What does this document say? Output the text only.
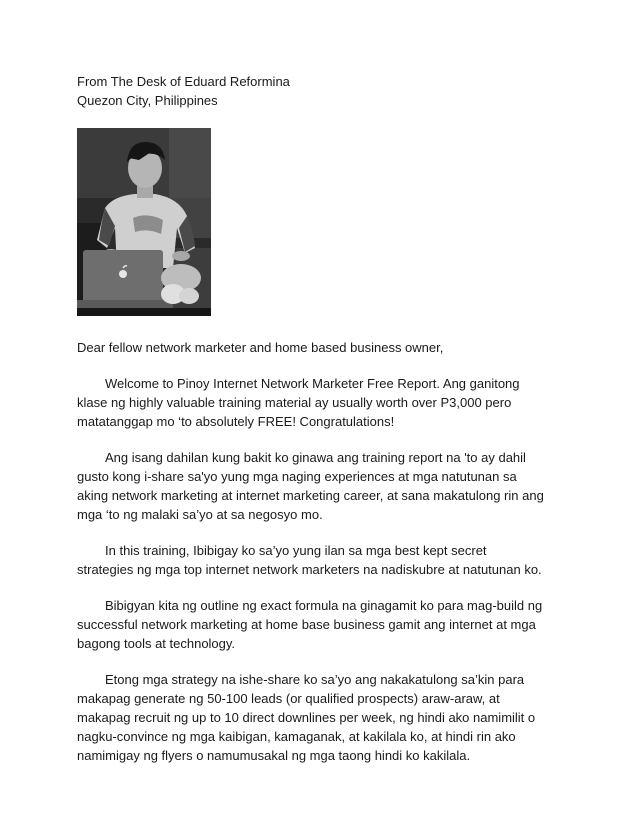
From The Desk of Eduard Reformina
Quezon City, Philippines
Dear fellow network marketer and home based business owner,
Welcome to Pinoy Internet Network Marketer Free Report. Ang ganitong
klase ng highly valuable training material ay usually worth over P3,000 pero
matatanggap mo ‘to absolutely FREE! Congratulations!
Ang isang dahilan kung bakit ko ginawa ang training report na 'to ay dahil
gusto kong i-share sa'yo yung mga naging experiences at mga natutunan sa
aking network marketing at internet marketing career, at sana makatulong rin ang
mga ‘to ng malaki sa’yo at sa negosyo mo.
In this training, Ibibigay ko sa’yo yung ilan sa mga best kept secret
strategies ng mga top internet network marketers na nadiskubre at natutunan ko.
Bibigyan kita ng outline ng exact formula na ginagamit ko para mag-build ng
successful network marketing at home base business gamit ang internet at mga
bagong tools at technology.
Etong mga strategy na ishe-share ko sa’yo ang nakakatulong sa’kin para
makapag generate ng 50-100 leads (or qualified prospects) araw-araw, at
makapag recruit ng up to 10 direct downlines per week, ng hindi ako namimilit o
nagku-convince ng mga kaibigan, kamaganak, at kakilala ko, at hindi rin ako
namimigay ng flyers o namumusakal ng mga taong hindi ko kakilala.
